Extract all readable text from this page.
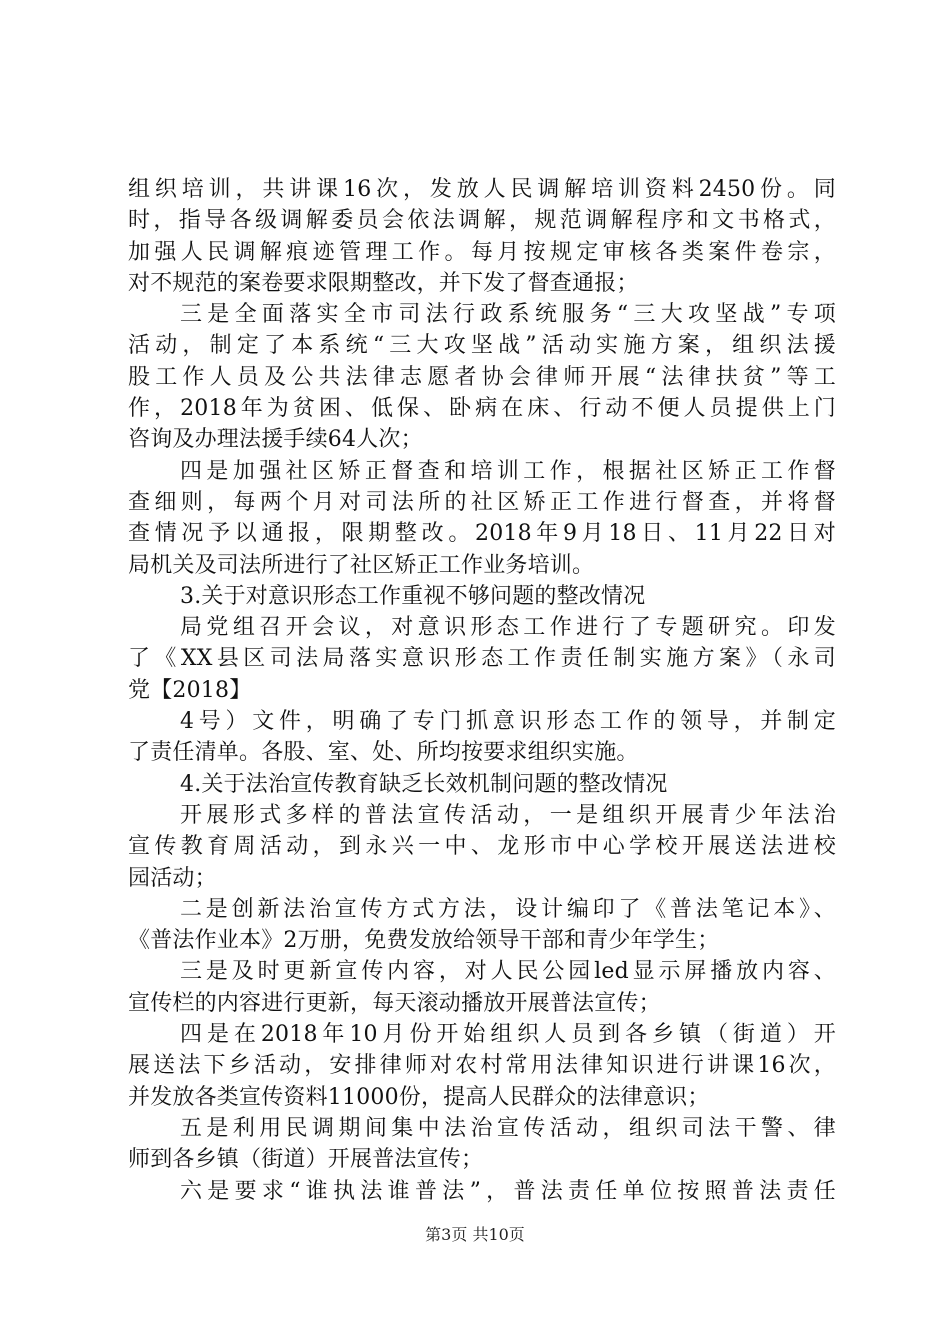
组织培训，共讲课16次，发放人民调解培训资料2450份。同
时，指导各级调解委员会依法调解，规范调解程序和文书格式，
加强人民调解痕迹管理工作。每月按规定审核各类案件卷宗，
对不规范的案卷要求限期整改，并下发了督查通报；
三是全面落实全市司法行政系统服务“三大攻坚战”专项
活动，制定了本系统“三大攻坚战”活动实施方案，组织法援
股工作人员及公共法律志愿者协会律师开展“法律扶贫”等工
作，2018年为贫困、低保、卧病在床、行动不便人员提供上门
咨询及办理法援手续64人次；
四是加强社区矫正督查和培训工作，根据社区矫正工作督
查细则，每两个月对司法所的社区矫正工作进行督查，并将督
查情况予以通报，限期整改。2018年9月18日、11月22日对
局机关及司法所进行了社区矫正工作业务培训。
3.关于对意识形态工作重视不够问题的整改情况
局党组召开会议，对意识形态工作进行了专题研究。印发
了《XX县区司法局落实意识形态工作责任制实施方案》（永司
党【2018】
4号）文件，明确了专门抓意识形态工作的领导，并制定
了责任清单。各股、室、处、所均按要求组织实施。
4.关于法治宣传教育缺乏长效机制问题的整改情况
开展形式多样的普法宣传活动，一是组织开展青少年法治
宣传教育周活动，到永兴一中、龙形市中心学校开展送法进校
园活动；
二是创新法治宣传方式方法，设计编印了《普法笔记本》、
《普法作业本》2万册，免费发放给领导干部和青少年学生；
三是及时更新宣传内容，对人民公园led显示屏播放内容、
宣传栏的内容进行更新，每天滚动播放开展普法宣传；
四是在2018年10月份开始组织人员到各乡镇（街道）开
展送法下乡活动，安排律师对农村常用法律知识进行讲课16次，
并发放各类宣传资料11000份，提高人民群众的法律意识；
五是利用民调期间集中法治宣传活动，组织司法干警、律
师到各乡镇（街道）开展普法宣传；
六是要求“谁执法谁普法”，普法责任单位按照普法责任
第3页 共10页
